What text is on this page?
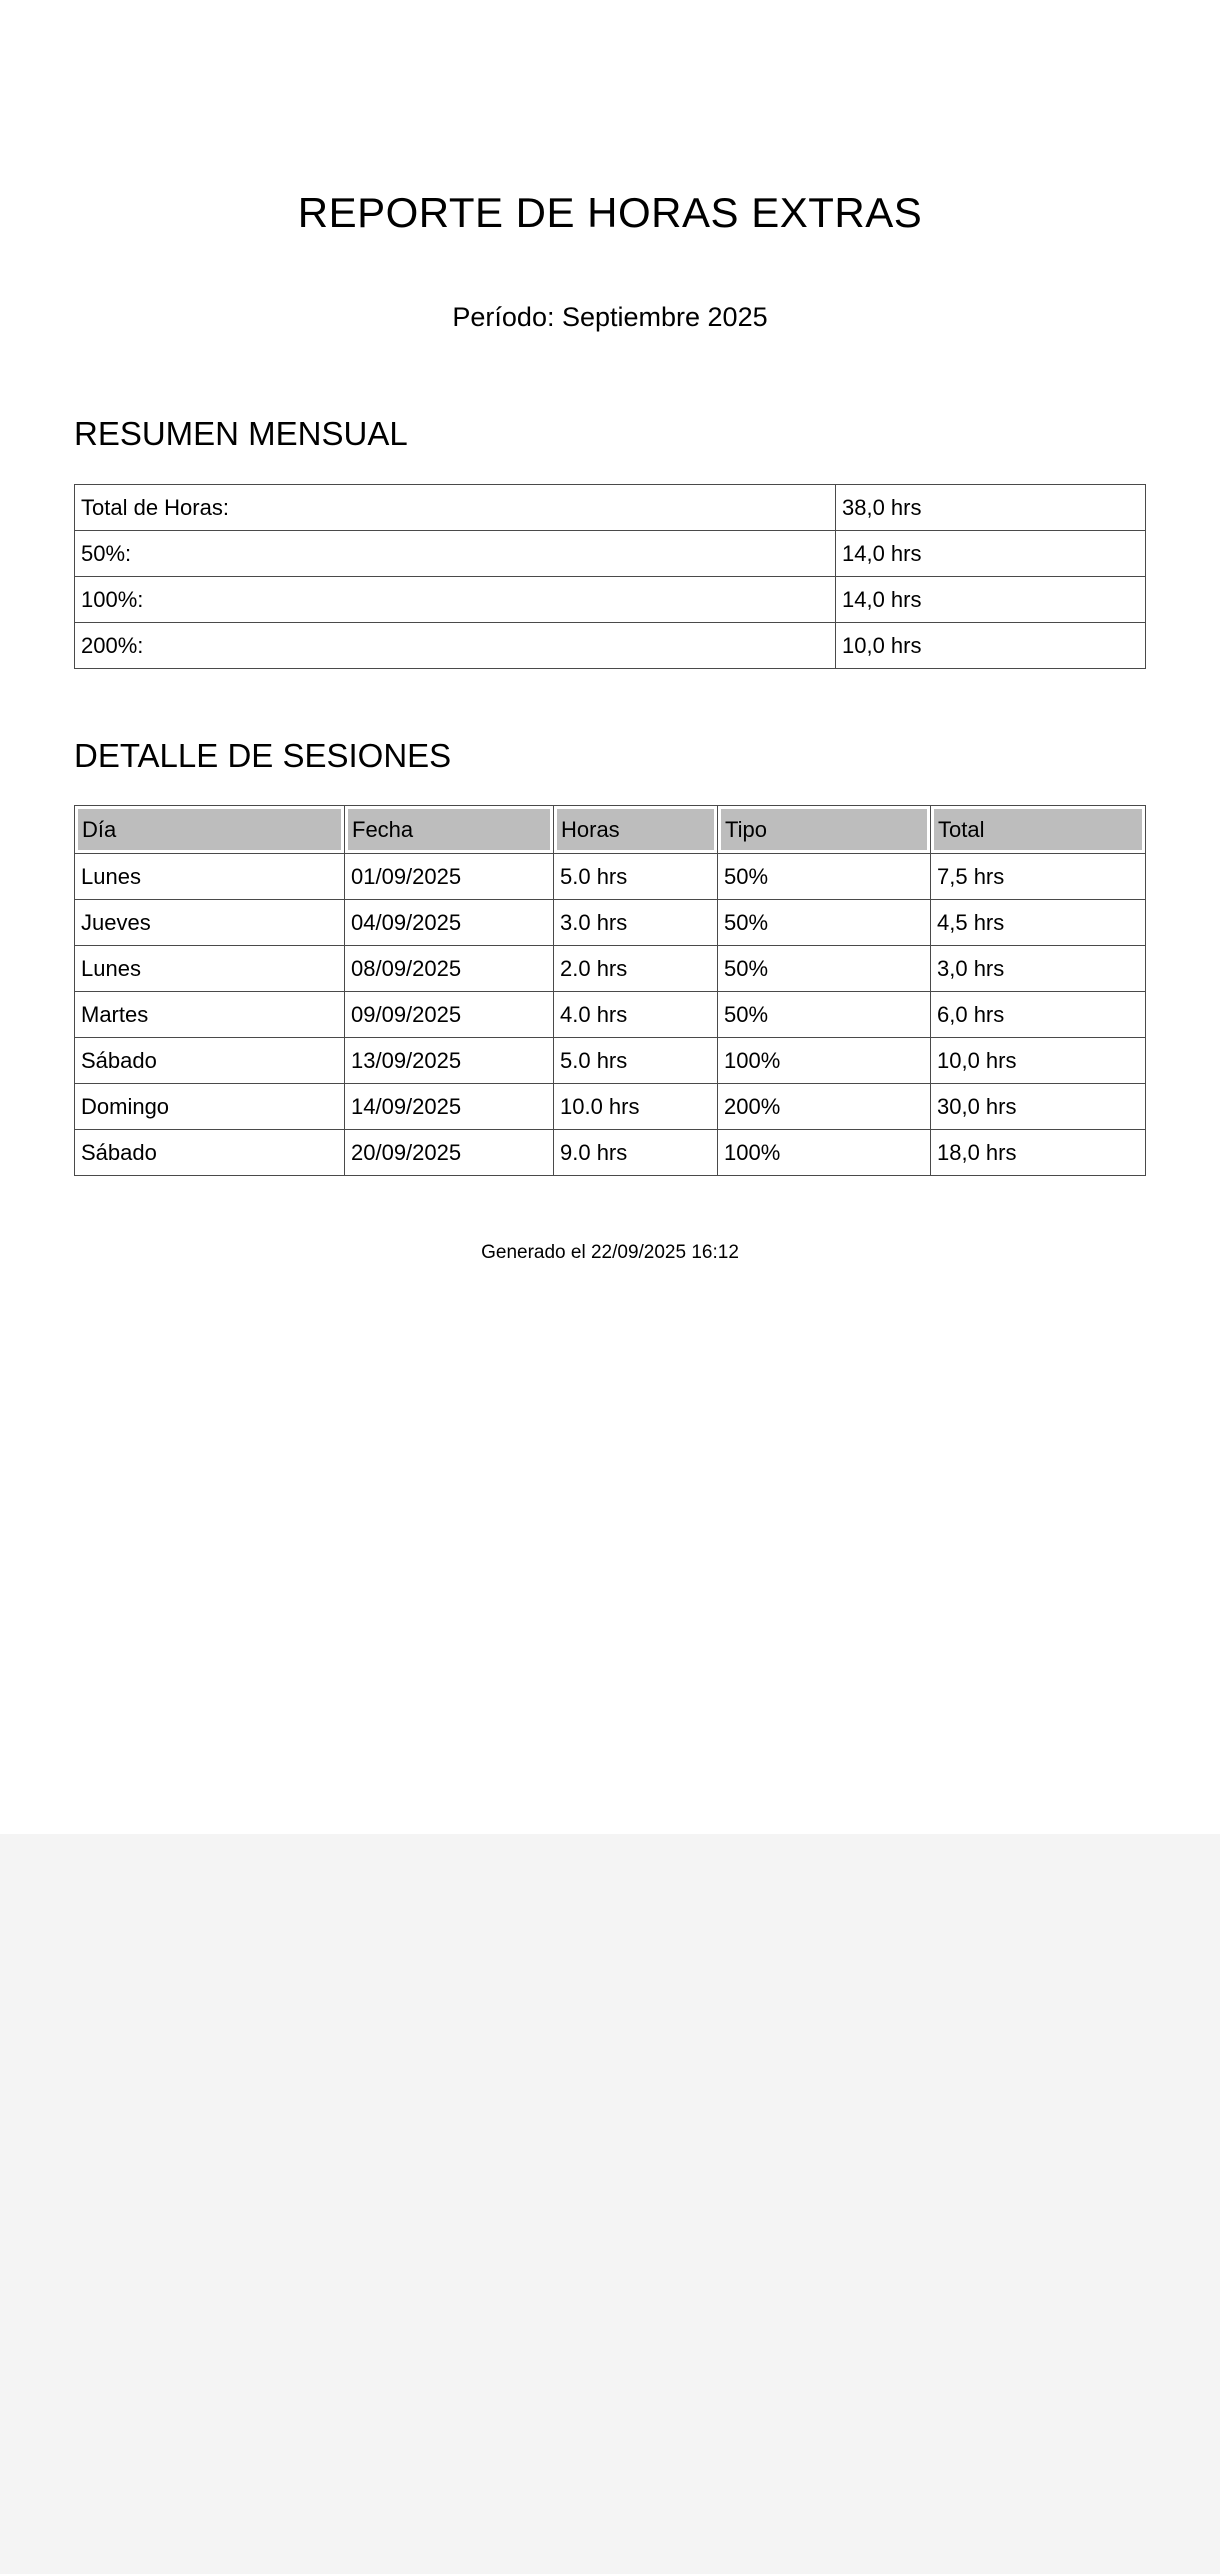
REPORTE DE HORAS EXTRAS
Período: Septiembre 2025
RESUMEN MENSUAL
Total de Horas:	38,0 hrs
50%:	14,0 hrs
100%:	14,0 hrs
200%:	10,0 hrs
DETALLE DE SESIONES
Día	Fecha	Horas	Tipo	Total

Lunes	01/09/2025	5.0 hrs	50%	7,5 hrs
Jueves	04/09/2025	3.0 hrs	50%	4,5 hrs
Lunes	08/09/2025	2.0 hrs	50%	3,0 hrs
Martes	09/09/2025	4.0 hrs	50%	6,0 hrs
Sábado	13/09/2025	5.0 hrs	100%	10,0 hrs
Domingo	14/09/2025	10.0 hrs	200%	30,0 hrs
Sábado	20/09/2025	9.0 hrs	100%	18,0 hrs
Generado el 22/09/2025 16:12
